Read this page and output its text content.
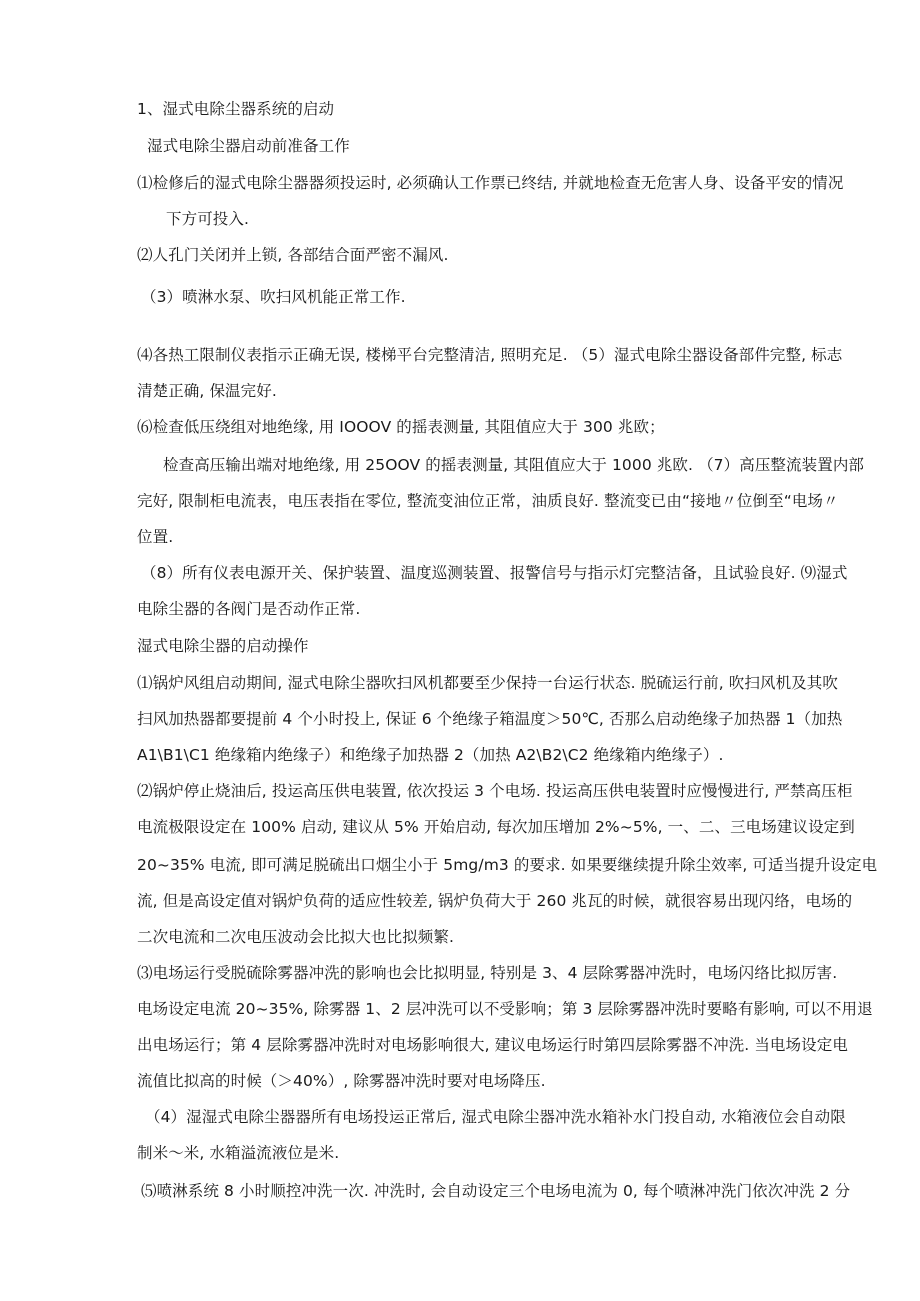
1、湿式电除尘器系统的启动
湿式电除尘器启动前准备工作
⑴检修后的湿式电除尘器器须投运时, 必须确认工作票已终结, 并就地检查无危害人身、设备平安的情况
下方可投入.
⑵人孔门关闭并上锁, 各部结合面严密不漏风.
（3）喷淋水泵、吹扫风机能正常工作.
⑷各热工限制仪表指示正确无误, 楼梯平台完整清洁, 照明充足. （5）湿式电除尘器设备部件完整, 标志
清楚正确, 保温完好.
⑹检查低压绕组对地绝缘, 用 IOOOV 的摇表测量, 其阻值应大于 300 兆欧；
检查高压输出端对地绝缘, 用 25OOV 的摇表测量, 其阻值应大于 1000 兆欧. （7）高压整流装置内部
完好, 限制柜电流表，电压表指在零位, 整流变油位正常，油质良好. 整流变已由“接地〃位倒至“电场〃
位置.
（8）所有仪表电源开关、保护装置、温度巡测装置、报警信号与指示灯完整洁备，且试验良好. ⑼湿式
电除尘器的各阀门是否动作正常.
湿式电除尘器的启动操作
⑴锅炉风组启动期间, 湿式电除尘器吹扫风机都要至少保持一台运行状态. 脱硫运行前, 吹扫风机及其吹
扫风加热器都要提前 4 个小时投上, 保证 6 个绝缘子箱温度＞50℃, 否那么启动绝缘子加热器 1（加热
A1\B1\C1 绝缘箱内绝缘子）和绝缘子加热器 2（加热 A2\B2\C2 绝缘箱内绝缘子）.
⑵锅炉停止烧油后, 投运高压供电装置, 依次投运 3 个电场. 投运高压供电装置时应慢慢进行, 严禁高压柜
电流极限设定在 100% 启动, 建议从 5% 开始启动, 每次加压增加 2%~5%, 一、二、三电场建议设定到
20~35% 电流, 即可满足脱硫出口烟尘小于 5mg∕m3 的要求. 如果要继续提升除尘效率, 可适当提升设定电
流, 但是高设定值对锅炉负荷的适应性较差, 锅炉负荷大于 260 兆瓦的时候，就很容易出现闪络，电场的
二次电流和二次电压波动会比拟大也比拟频繁.
⑶电场运行受脱硫除雾器冲洗的影响也会比拟明显, 特别是 3、4 层除雾器冲洗时，电场闪络比拟厉害.
电场设定电流 20~35%, 除雾器 1、2 层冲洗可以不受影响；第 3 层除雾器冲洗时要略有影响, 可以不用退
出电场运行；第 4 层除雾器冲洗时对电场影响很大, 建议电场运行时第四层除雾器不冲洗. 当电场设定电
流值比拟高的时候（＞40%）, 除雾器冲洗时要对电场降压.
（4）湿湿式电除尘器器所有电场投运正常后, 湿式电除尘器冲洗水箱补水门投自动, 水箱液位会自动限
制米～米, 水箱溢流液位是米.
⑸喷淋系统 8 小时顺控冲洗一次. 冲洗时, 会自动设定三个电场电流为 0, 每个喷淋冲洗门依次冲洗 2 分
